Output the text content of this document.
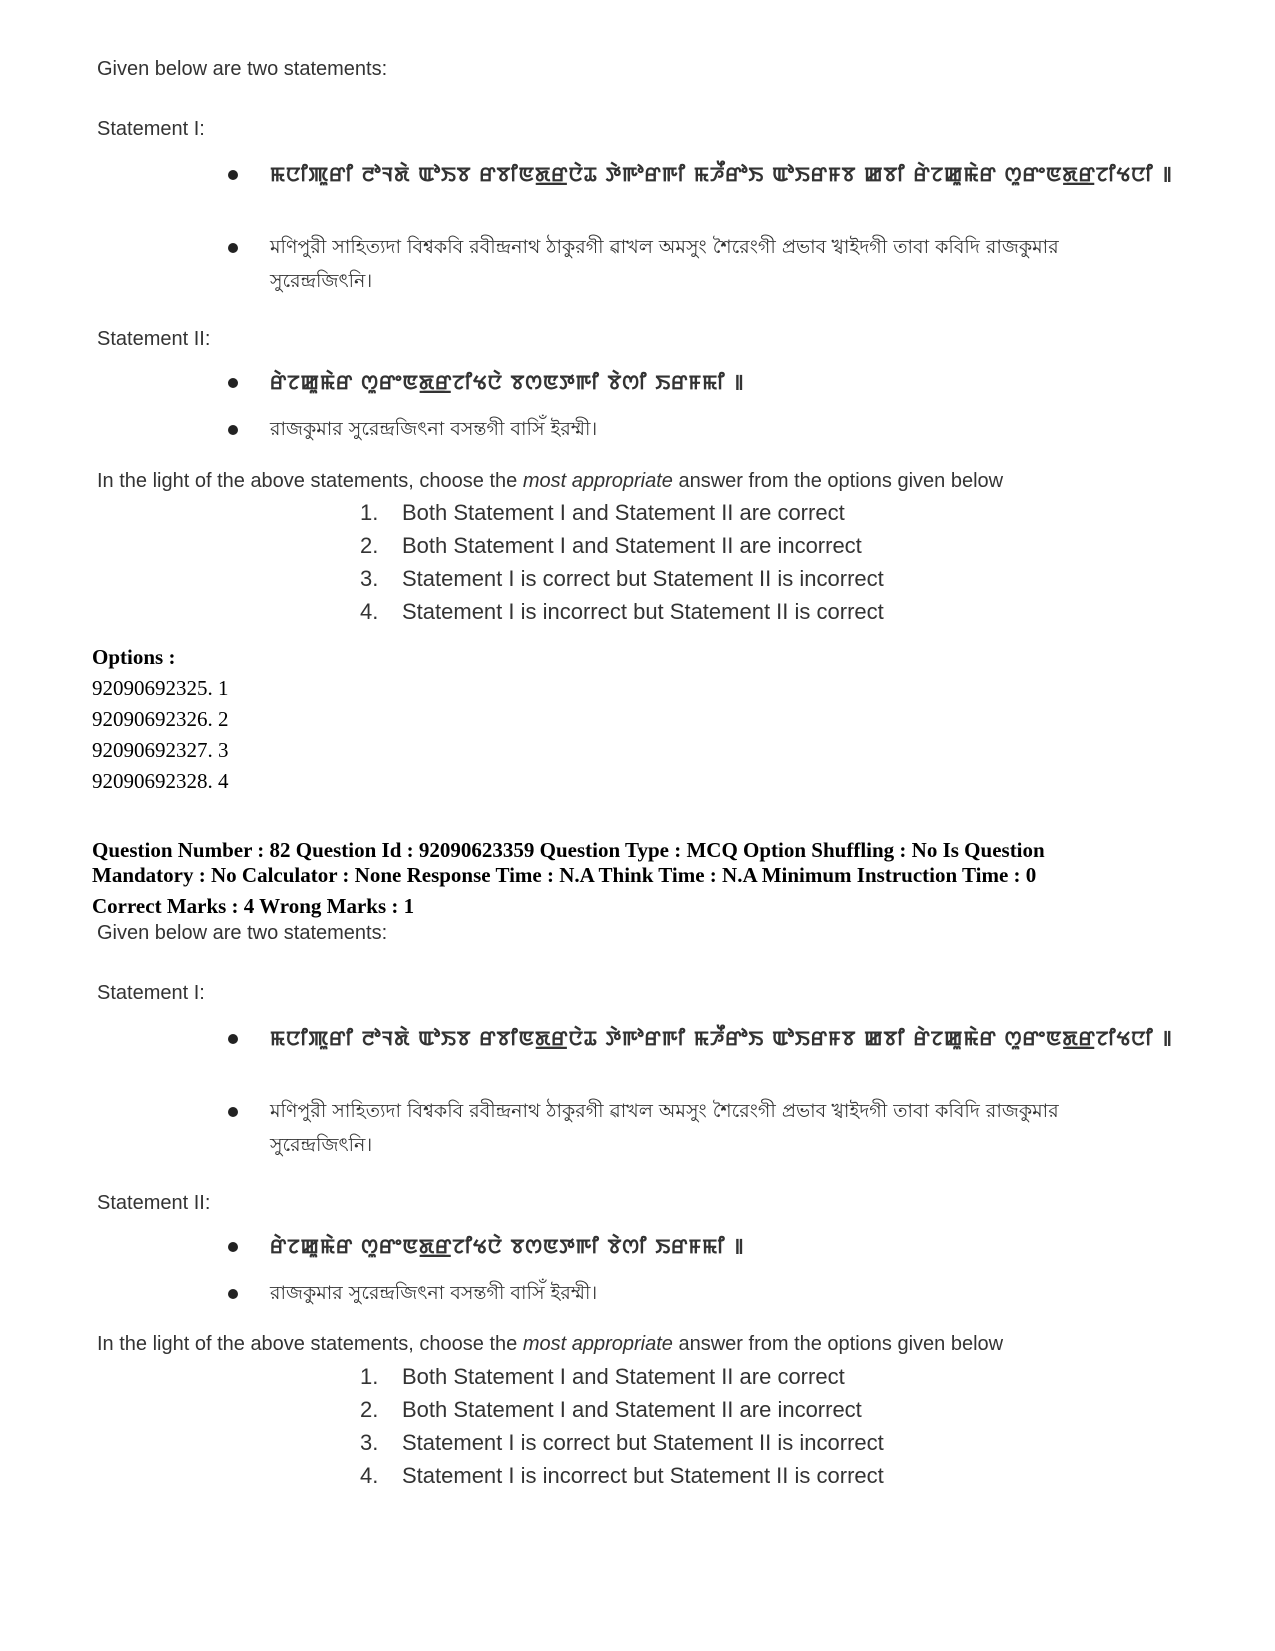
Given below are two statements:
Statement I:
ꯃꯅꯤꯄꯨꯔꯤ ꯂꯣꯜꯗꯥ ꯑꯣꯏꯕ ꯔꯕꯤꯟꯗ꯭ꯔꯅꯥꯊ ꯇꯥꯒꯣꯔꯒꯤ ꯃꯍꯩꯔꯣꯏ ꯑꯣꯏꯔꯝꯕ ꯀꯕꯤ ꯔꯥꯖꯀꯨꯃꯥꯔ ꯁꯨꯔꯦꯟꯗ꯭ꯔꯖꯤꯠꯅꯤ ꯫
মণিপুরী সাহিত্যদা বিশ্বকবি রবীন্দ্রনাথ ঠাকুরগী ৱাখল অমসুং শৈরেংগী প্রভাব খ্বাইদগী তাবা কবিদি রাজকুমার সুরেন্দ্রজিৎনি।
Statement II:
ꯔꯥꯖꯀꯨꯃꯥꯔ ꯁꯨꯔꯦꯟꯗ꯭ꯔꯖꯤꯠꯅꯥ ꯕꯁꯟꯇꯒꯤ ꯕꯥꯁꯤ ꯏꯔꯝꯃꯤ ꯫
রাজকুমার সুরেন্দ্রজিৎনা বসন্তগী বাসিঁ ইরম্মী।
In the light of the above statements, choose the most appropriate answer from the options given below
1. Both Statement I and Statement II are correct
2. Both Statement I and Statement II are incorrect
3. Statement I is correct but Statement II is incorrect
4. Statement I is incorrect but Statement II is correct
Options :
92090692325. 1
92090692326. 2
92090692327. 3
92090692328. 4
Question Number : 82 Question Id : 92090623359 Question Type : MCQ Option Shuffling : No Is Question
Mandatory : No Calculator : None Response Time : N.A Think Time : N.A Minimum Instruction Time : 0
Correct Marks : 4 Wrong Marks : 1
Given below are two statements:
Statement I:
ꯃꯅꯤꯄꯨꯔꯤ ꯂꯣꯜꯗꯥ ꯑꯣꯏꯕ ꯔꯕꯤꯟꯗ꯭ꯔꯅꯥꯊ ꯇꯥꯒꯣꯔꯒꯤ ꯃꯍꯩꯔꯣꯏ ꯑꯣꯏꯔꯝꯕ ꯀꯕꯤ ꯔꯥꯖꯀꯨꯃꯥꯔ ꯁꯨꯔꯦꯟꯗ꯭ꯔꯖꯤꯠꯅꯤ ꯫
মণিপুরী সাহিত্যদা বিশ্বকবি রবীন্দ্রনাথ ঠাকুরগী ৱাখল অমসুং শৈরেংগী প্রভাব খ্বাইদগী তাবা কবিদি রাজকুমার সুরেন্দ্রজিৎনি।
Statement II:
ꯔꯥꯖꯀꯨꯃꯥꯔ ꯁꯨꯔꯦꯟꯗ꯭ꯔꯖꯤꯠꯅꯥ ꯕꯁꯟꯇꯒꯤ ꯕꯥꯁꯤ ꯏꯔꯝꯃꯤ ꯫
রাজকুমার সুরেন্দ্রজিৎনা বসন্তগী বাসিঁ ইরম্মী।
In the light of the above statements, choose the most appropriate answer from the options given below
1. Both Statement I and Statement II are correct
2. Both Statement I and Statement II are incorrect
3. Statement I is correct but Statement II is incorrect
4. Statement I is incorrect but Statement II is correct
